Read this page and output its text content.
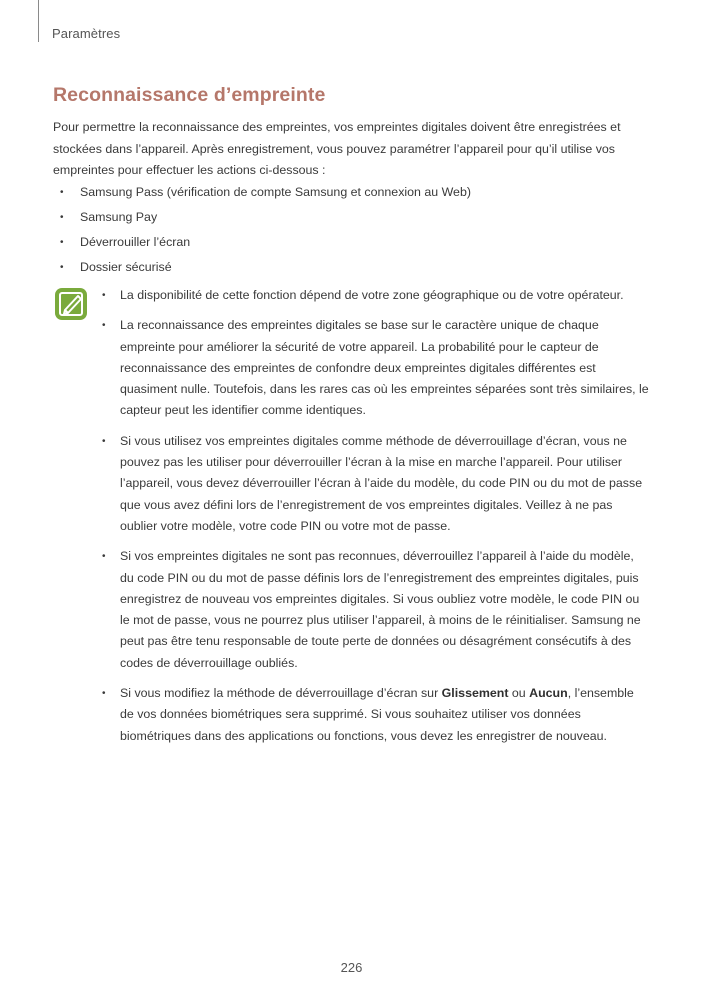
Paramètres
Reconnaissance d’empreinte

Pour permettre la reconnaissance des empreintes, vos empreintes digitales doivent être enregistrées et stockées dans l’appareil. Après enregistrement, vous pouvez paramétrer l’appareil pour qu’il utilise vos empreintes pour effectuer les actions ci-dessous :

• Samsung Pass (vérification de compte Samsung et connexion au Web)
• Samsung Pay
• Déverrouiller l’écran
• Dossier sécurisé
• La disponibilité de cette fonction dépend de votre zone géographique ou de votre opérateur.
• La reconnaissance des empreintes digitales se base sur le caractère unique de chaque empreinte pour améliorer la sécurité de votre appareil. La probabilité pour le capteur de reconnaissance des empreintes de confondre deux empreintes digitales différentes est quasiment nulle. Toutefois, dans les rares cas où les empreintes séparées sont très similaires, le capteur peut les identifier comme identiques.
• Si vous utilisez vos empreintes digitales comme méthode de déverrouillage d’écran, vous ne pouvez pas les utiliser pour déverrouiller l’écran à la mise en marche l’appareil. Pour utiliser l’appareil, vous devez déverrouiller l’écran à l’aide du modèle, du code PIN ou du mot de passe que vous avez défini lors de l’enregistrement de vos empreintes digitales. Veillez à ne pas oublier votre modèle, votre code PIN ou votre mot de passe.
• Si vos empreintes digitales ne sont pas reconnues, déverrouillez l’appareil à l’aide du modèle, du code PIN ou du mot de passe définis lors de l’enregistrement des empreintes digitales, puis enregistrez de nouveau vos empreintes digitales. Si vous oubliez votre modèle, le code PIN ou le mot de passe, vous ne pourrez plus utiliser l’appareil, à moins de le réinitialiser. Samsung ne peut pas être tenu responsable de toute perte de données ou désagrément consécutifs à des codes de déverrouillage oubliés.
• Si vous modifiez la méthode de déverrouillage d’écran sur Glissement ou Aucun, l’ensemble de vos données biométriques sera supprimé. Si vous souhaitez utiliser vos données biométriques dans des applications ou fonctions, vous devez les enregistrer de nouveau.
226
